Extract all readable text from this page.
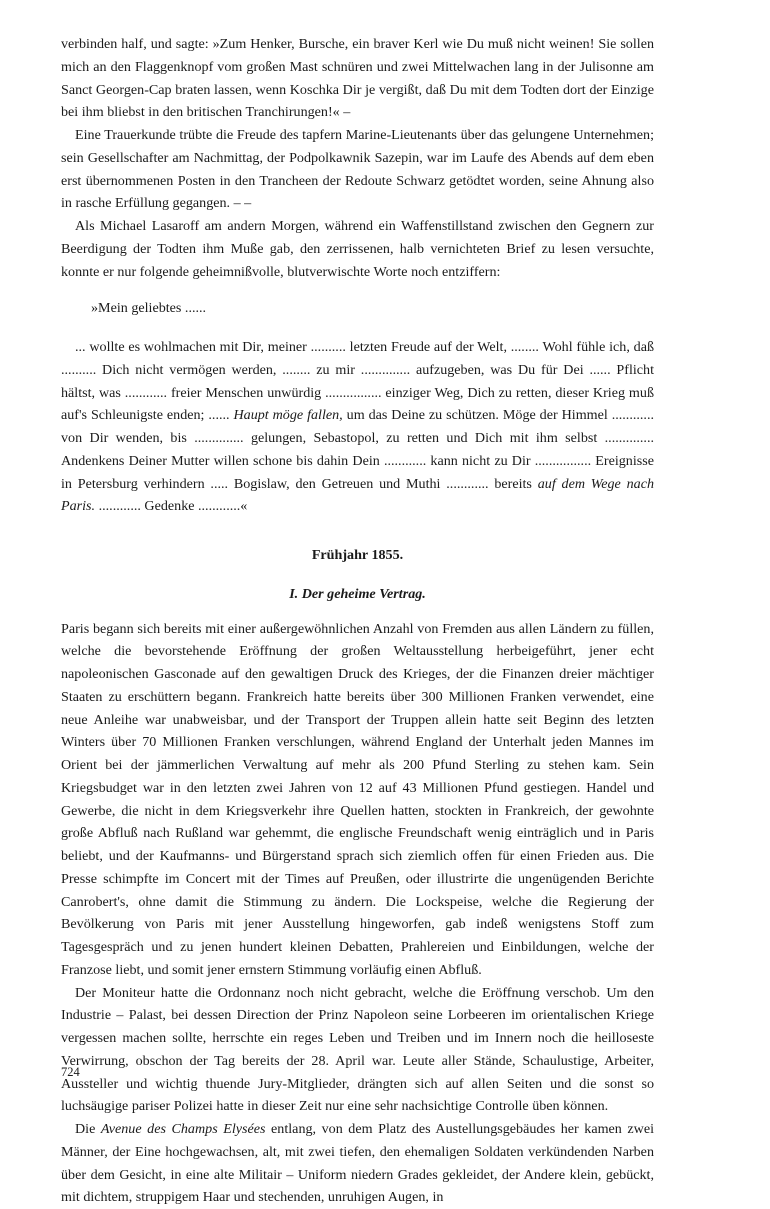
verbinden half, und sagte: »Zum Henker, Bursche, ein braver Kerl wie Du muß nicht weinen! Sie sollen mich an den Flaggenknopf vom großen Mast schnüren und zwei Mittelwachen lang in der Julisonne am Sanct Georgen-Cap braten lassen, wenn Koschka Dir je vergißt, daß Du mit dem Todten dort der Einzige bei ihm bliebst in den britischen Tranchirungen!« –

Eine Trauerkunde trübte die Freude des tapfern Marine-Lieutenants über das gelungene Unternehmen; sein Gesellschafter am Nachmittag, der Podpolkawnik Sazepin, war im Laufe des Abends auf dem eben erst übernommenen Posten in den Trancheen der Redoute Schwarz getödtet worden, seine Ahnung also in rasche Erfüllung gegangen. – –

Als Michael Lasaroff am andern Morgen, während ein Waffenstillstand zwischen den Gegnern zur Beerdigung der Todten ihm Muße gab, den zerrissenen, halb vernichteten Brief zu lesen versuchte, konnte er nur folgende geheimnißvolle, blutverwischte Worte noch entziffern:

»Mein geliebtes ......

... wollte es wohlmachen mit Dir, meiner .......... letzten Freude auf der Welt, ........ Wohl fühle ich, daß .......... Dich nicht vermögen werden, ........ zu mir .............. aufzugeben, was Du für Dei ...... Pflicht hältst, was ............ freier Menschen unwürdig ................ einziger Weg, Dich zu retten, dieser Krieg muß auf's Schleunigste enden; ...... Haupt möge fallen, um das Deine zu schützen. Möge der Himmel ............ von Dir wenden, bis .............. gelungen, Sebastopol, zu retten und Dich mit ihm selbst .............. Andenkens Deiner Mutter willen schone bis dahin Dein ............ kann nicht zu Dir ................ Ereignisse in Petersburg verhindern ..... Bogislaw, den Getreuen und Muthi ............ bereits auf dem Wege nach Paris. ............ Gedenke ............«

Frühjahr 1855.
I. Der geheime Vertrag.

Paris begann sich bereits mit einer außergewöhnlichen Anzahl von Fremden aus allen Ländern zu füllen, welche die bevorstehende Eröffnung der großen Weltausstellung herbeigeführt, jener echt napoleonischen Gasconade auf den gewaltigen Druck des Krieges, der die Finanzen dreier mächtiger Staaten zu erschüttern begann. Frankreich hatte bereits über 300 Millionen Franken verwendet, eine neue Anleihe war unabweisbar, und der Transport der Truppen allein hatte seit Beginn des letzten Winters über 70 Millionen Franken verschlungen, während England der Unterhalt jeden Mannes im Orient bei der jämmerlichen Verwaltung auf mehr als 200 Pfund Sterling zu stehen kam. Sein Kriegsbudget war in den letzten zwei Jahren von 12 auf 43 Millionen Pfund gestiegen. Handel und Gewerbe, die nicht in dem Kriegsverkehr ihre Quellen hatten, stockten in Frankreich, der gewohnte große Abfluß nach Rußland war gehemmt, die englische Freundschaft wenig einträglich und in Paris beliebt, und der Kaufmanns- und Bürgerstand sprach sich ziemlich offen für einen Frieden aus. Die Presse schimpfte im Concert mit der Times auf Preußen, oder illustrirte die ungenügenden Berichte Canrobert's, ohne damit die Stimmung zu ändern. Die Lockspeise, welche die Regierung der Bevölkerung von Paris mit jener Ausstellung hingeworfen, gab indeß wenigstens Stoff zum Tagesgespräch und zu jenen hundert kleinen Debatten, Prahlereien und Einbildungen, welche der Franzose liebt, und somit jener ernstern Stimmung vorläufig einen Abfluß.

Der Moniteur hatte die Ordonnanz noch nicht gebracht, welche die Eröffnung verschob. Um den Industrie – Palast, bei dessen Direction der Prinz Napoleon seine Lorbeeren im orientalischen Kriege vergessen machen sollte, herrschte ein reges Leben und Treiben und im Innern noch die heilloseste Verwirrung, obschon der Tag bereits der 28. April war. Leute aller Stände, Schaulustige, Arbeiter, Aussteller und wichtig thuende Jury-Mitglieder, drängten sich auf allen Seiten und die sonst so luchsäugige pariser Polizei hatte in dieser Zeit nur eine sehr nachsichtige Controlle üben können.

Die Avenue des Champs Elysées entlang, von dem Platz des Austellungsgebäudes her kamen zwei Männer, der Eine hochgewachsen, alt, mit zwei tiefen, den ehemaligen Soldaten verkündenden Narben über dem Gesicht, in eine alte Militair – Uniform niedern Grades gekleidet, der Andere klein, gebückt, mit dichtem, struppigem Haar und stechenden, unruhigen Augen, in

724
